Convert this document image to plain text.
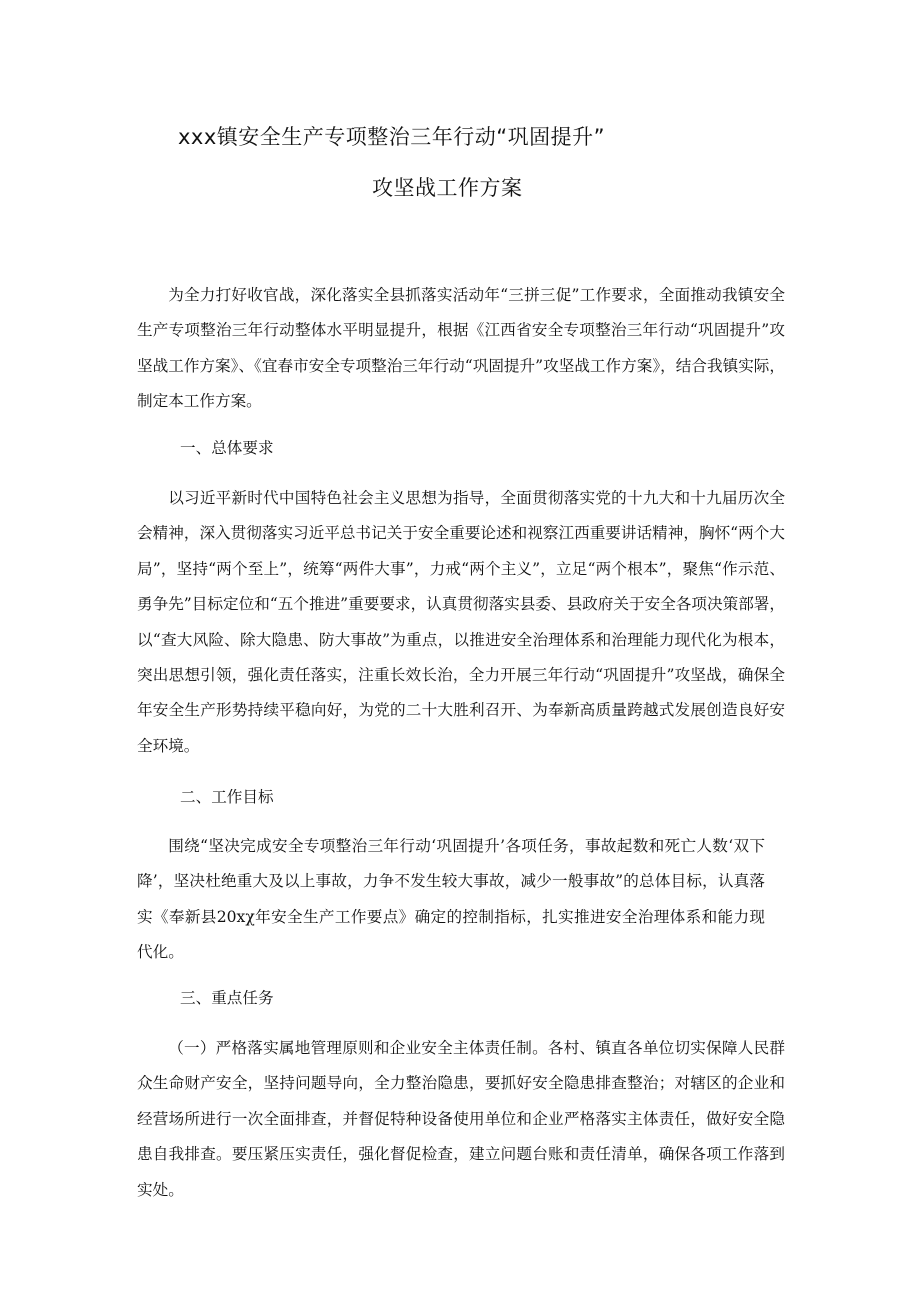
xxx镇安全生产专项整治三年行动“巩固提升”
攻坚战工作方案

为全力打好收官战，深化落实全县抓落实活动年“三拼三促”工作要求，全面推动我镇安全生产专项整治三年行动整体水平明显提升，根据《江西省安全专项整治三年行动“巩固提升”攻坚战工作方案》、《宜春市安全专项整治三年行动“巩固提升”攻坚战工作方案》，结合我镇实际，制定本工作方案。

一、总体要求

以习近平新时代中国特色社会主义思想为指导，全面贯彻落实党的十九大和十九届历次全会精神，深入贯彻落实习近平总书记关于安全重要论述和视察江西重要讲话精神，胸怀“两个大局”，坚持“两个至上”，统筹“两件大事”，力戒“两个主义”，立足“两个根本”，聚焦“作示范、勇争先”目标定位和“五个推进”重要要求，认真贯彻落实县委、县政府关于安全各项决策部署，以“查大风险、除大隐患、防大事故”为重点，以推进安全治理体系和治理能力现代化为根本，突出思想引领，强化责任落实，注重长效长治，全力开展三年行动“巩固提升”攻坚战，确保全年安全生产形势持续平稳向好，为党的二十大胜利召开、为奉新高质量跨越式发展创造良好安全环境。

二、工作目标

围绕“坚决完成安全专项整治三年行动‘巩固提升’各项任务，事故起数和死亡人数‘双下降’，坚决杜绝重大及以上事故，力争不发生较大事故，减少一般事故”的总体目标，认真落实《奉新县20xχ年安全生产工作要点》确定的控制指标，扎实推进安全治理体系和能力现代化。

三、重点任务

（一）严格落实属地管理原则和企业安全主体责任制。各村、镇直各单位切实保障人民群众生命财产安全，坚持问题导向，全力整治隐患，要抓好安全隐患排查整治；对辖区的企业和经营场所进行一次全面排查，并督促特种设备使用单位和企业严格落实主体责任，做好安全隐患自我排查。要压紧压实责任，强化督促检查，建立问题台账和责任清单，确保各项工作落到实处。
